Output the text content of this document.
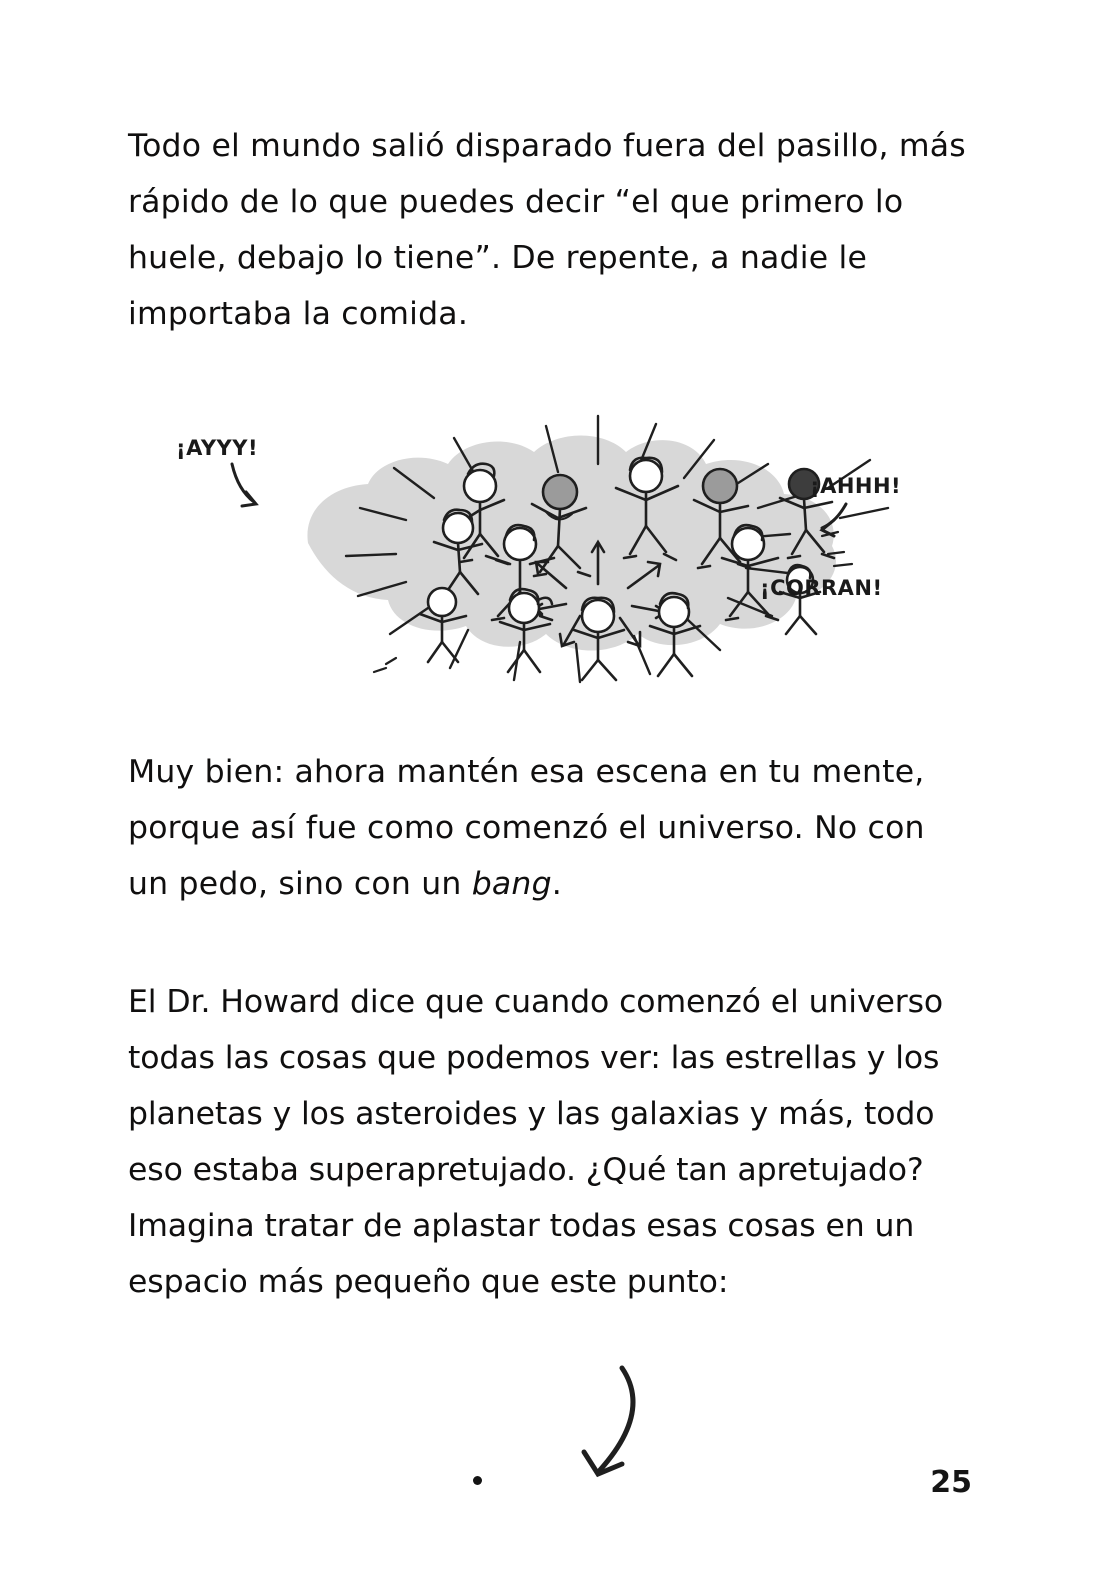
Todo el mundo salió disparado fuera del pasillo, más rápido de lo que puedes decir “el que primero lo huele, debajo lo tiene”. De repente, a nadie le importaba la comida.

¡AYYY!
¡AHHH!
¡CORRAN!

Muy bien: ahora mantén esa escena en tu mente, porque así fue como comenzó el universo. No con un pedo, sino con un bang.

El Dr. Howard dice que cuando comenzó el universo todas las cosas que podemos ver: las estrellas y los planetas y los asteroides y las galaxias y más, todo eso estaba superapretujado. ¿Qué tan apretujado? Imagina tratar de aplastar todas esas cosas en un espacio más pequeño que este punto:

25
